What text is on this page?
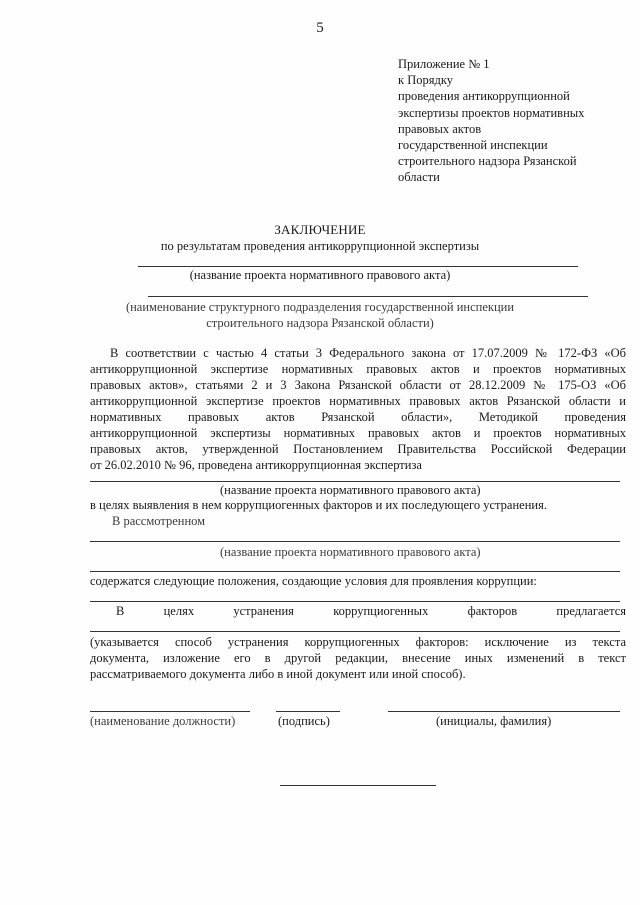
5
Приложение № 1
к Порядку
проведения антикоррупционной
экспертизы проектов нормативных
правовых актов
государственной инспекции
строительного надзора Рязанской
области
ЗАКЛЮЧЕНИЕ
по результатам проведения антикоррупционной экспертизы
(название проекта нормативного правового акта)
(наименование структурного подразделения государственной инспекции
строительного надзора Рязанской области)
В соответствии с частью 4 статьи 3 Федерального закона от 17.07.2009 № 172-ФЗ «Об
антикоррупционной экспертизе нормативных правовых актов и проектов нормативных
правовых актов», статьями 2 и 3 Закона Рязанской области от 28.12.2009 № 175-ОЗ «Об
антикоррупционной экспертизе проектов нормативных правовых актов Рязанской области и
нормативных правовых актов Рязанской области», Методикой проведения
антикоррупционной экспертизы нормативных правовых актов и проектов нормативных
правовых актов, утвержденной Постановлением Правительства Российской Федерации
от 26.02.2010 № 96, проведена антикоррупционная экспертиза
(название проекта нормативного правового акта)
в целях выявления в нем коррупциогенных факторов и их последующего устранения.
В рассмотренном
(название проекта нормативного правового акта)
содержатся следующие положения, создающие условия для проявления коррупции:
В	целях	устранения	коррупциогенных	факторов	предлагается
(указывается способ устранения коррупциогенных факторов: исключение из текста
документа, изложение его в другой редакции, внесение иных изменений в текст
рассматриваемого документа либо в иной документ или иной способ).
(наименование должности)	(подпись)	(инициалы, фамилия)
